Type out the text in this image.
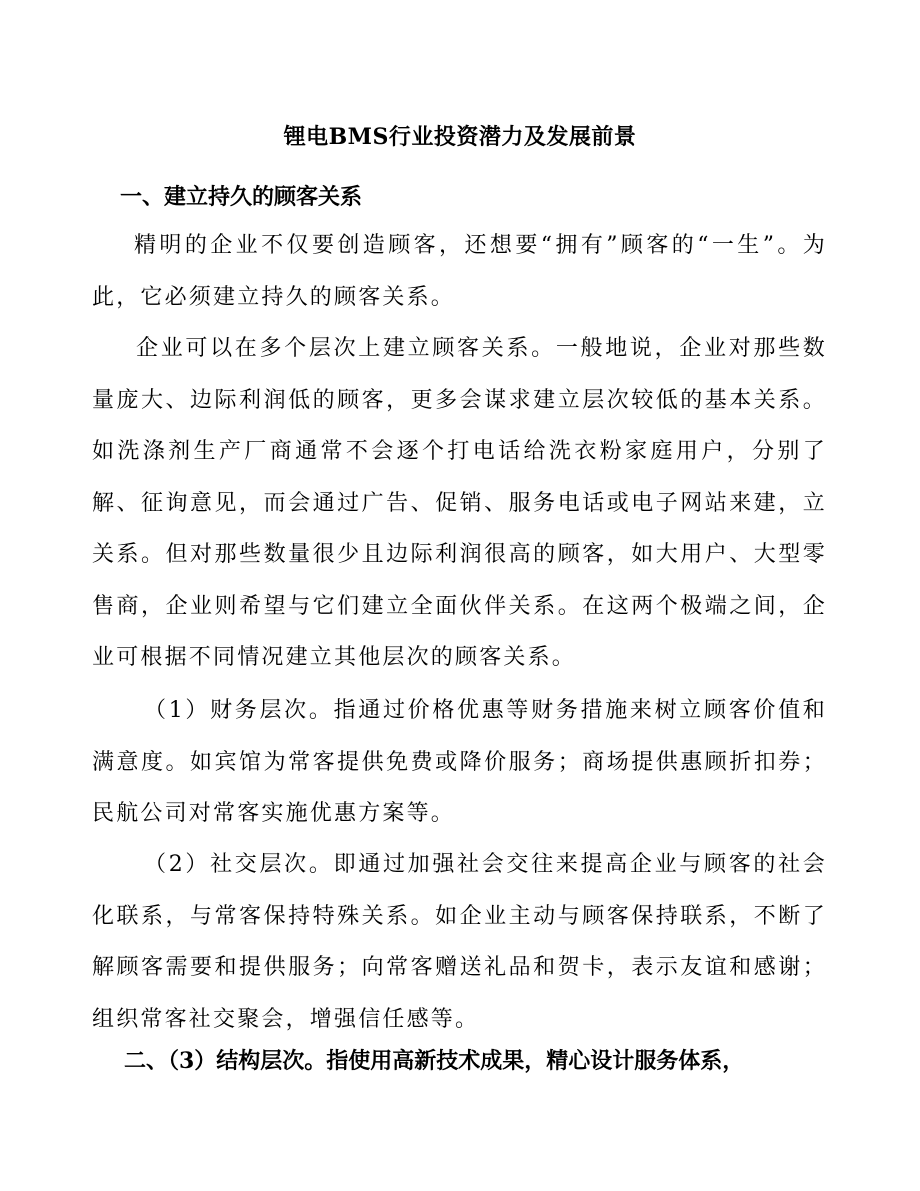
锂电BMS行业投资潜力及发展前景
一、建立持久的顾客关系

精明的企业不仅要创造顾客，还想要“拥有”顾客的“一生”。为此，它必须建立持久的顾客关系。

企业可以在多个层次上建立顾客关系。一般地说，企业对那些数量庞大、边际利润低的顾客，更多会谋求建立层次较低的基本关系。如洗涤剂生产厂商通常不会逐个打电话给洗衣粉家庭用户，分别了解、征询意见，而会通过广告、促销、服务电话或电子网站来建，立关系。但对那些数量很少且边际利润很高的顾客，如大用户、大型零售商，企业则希望与它们建立全面伙伴关系。在这两个极端之间，企业可根据不同情况建立其他层次的顾客关系。

（1）财务层次。指通过价格优惠等财务措施来树立顾客价值和满意度。如宾馆为常客提供免费或降价服务；商场提供惠顾折扣券；民航公司对常客实施优惠方案等。

（2）社交层次。即通过加强社会交往来提高企业与顾客的社会化联系，与常客保持特殊关系。如企业主动与顾客保持联系，不断了解顾客需要和提供服务；向常客赠送礼品和贺卡，表示友谊和感谢；组织常客社交聚会，增强信任感等。

二、（3）结构层次。指使用高新技术成果，精心设计服务体系，
